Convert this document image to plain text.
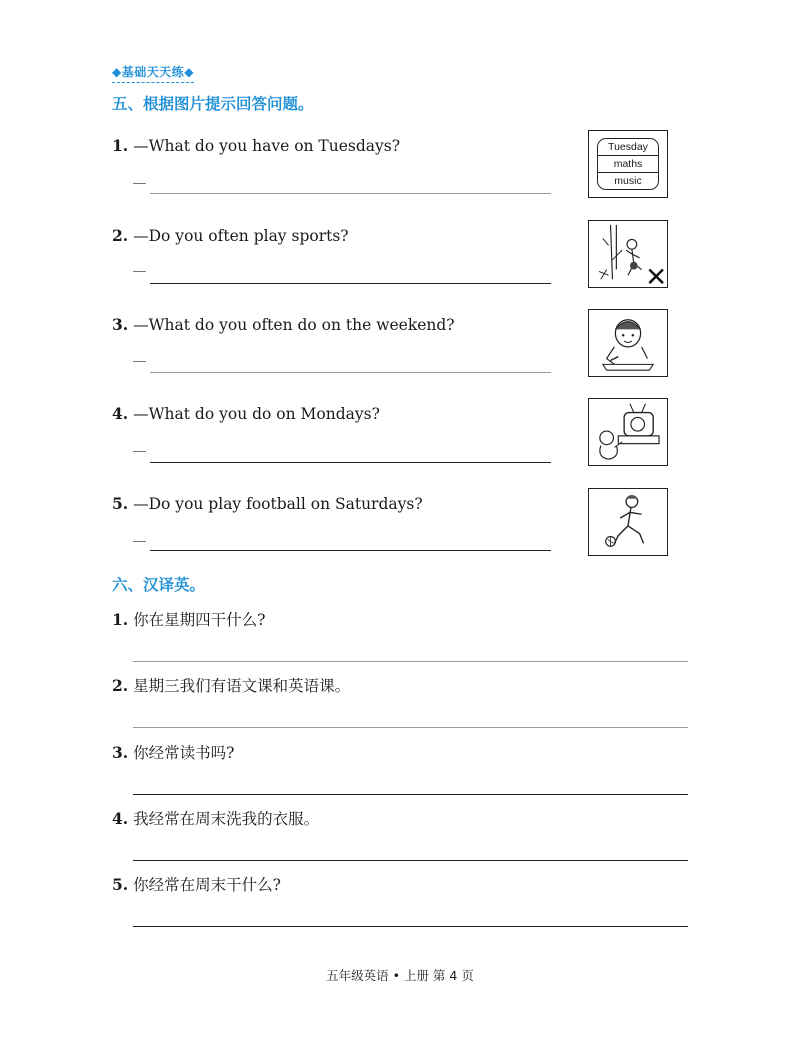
◆基础天天练◆
五、根据图片提示回答问题。
1. —What do you have on Tuesdays?	Tuesday
maths
music
2. —Do you often play sports?
3. —What do you often do on the weekend?
4. —What do you do on Mondays?
5. —Do you play football on Saturdays?
六、汉译英。
1. 你在星期四干什么?
2. 星期三我们有语文课和英语课。
3. 你经常读书吗?
4. 我经常在周末洗我的衣服。
5. 你经常在周末干什么?
五年级英语 • 上册 第 4 页
